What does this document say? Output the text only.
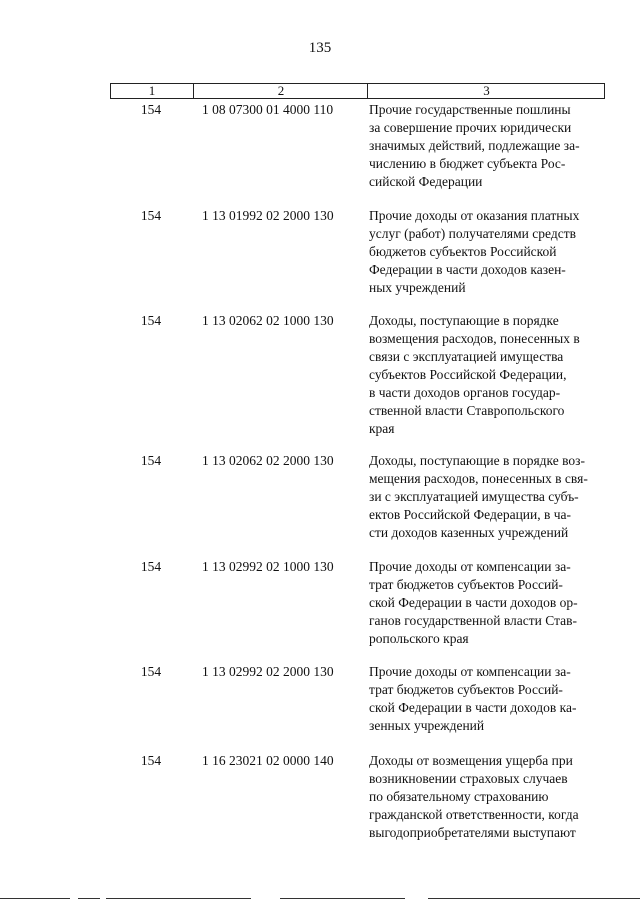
135
1	2	3
154	1 08 07300 01 4000 110	Прочие государственные пошлины
за совершение прочих юридически
значимых действий, подлежащие за-
числению в бюджет субъекта Рос-
сийской Федерации
154	1 13 01992 02 2000 130	Прочие доходы от оказания платных
услуг (работ) получателями средств
бюджетов субъектов Российской
Федерации в части доходов казен-
ных учреждений
154	1 13 02062 02 1000 130	Доходы, поступающие в порядке
возмещения расходов, понесенных в
связи с эксплуатацией имущества
субъектов Российской Федерации,
в части доходов органов государ-
ственной власти Ставропольского
края
154	1 13 02062 02 2000 130	Доходы, поступающие в порядке воз-
мещения расходов, понесенных в свя-
зи с эксплуатацией имущества субъ-
ектов Российской Федерации, в ча-
сти доходов казенных учреждений
154	1 13 02992 02 1000 130	Прочие доходы от компенсации за-
трат бюджетов субъектов Россий-
ской Федерации в части доходов ор-
ганов государственной власти Став-
ропольского края
154	1 13 02992 02 2000 130	Прочие доходы от компенсации за-
трат бюджетов субъектов Россий-
ской Федерации в части доходов ка-
зенных учреждений
154	1 16 23021 02 0000 140	Доходы от возмещения ущерба при
возникновении страховых случаев
по обязательному страхованию
гражданской ответственности, когда
выгодоприобретателями выступают
